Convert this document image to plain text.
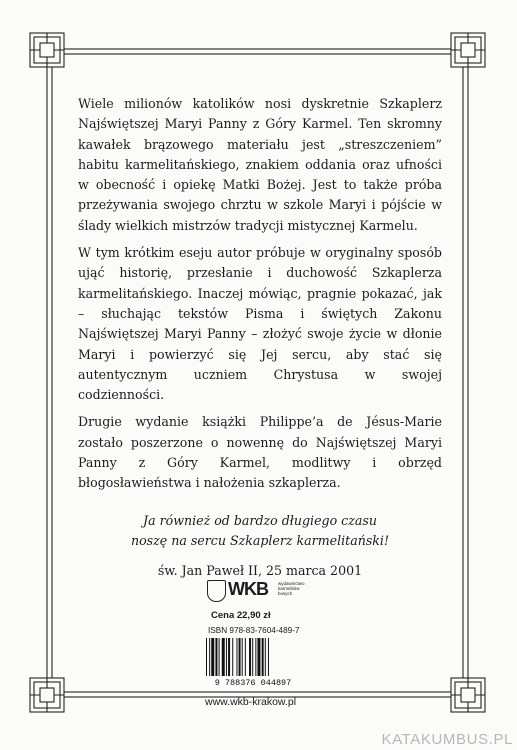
Wiele milionów katolików nosi dyskretnie Szkaplerz Najświętszej Maryi Panny z Góry Karmel. Ten skromny kawałek brązowego materiału jest „streszczeniem” habitu karmelitańskiego, znakiem oddania oraz ufności w obecność i opiekę Matki Bożej. Jest to także próba przeżywania swojego chrztu w szkole Maryi i pójście w ślady wielkich mistrzów tradycji mistycznej Karmelu.

W tym krótkim eseju autor próbuje w oryginalny sposób ująć historię, przesłanie i duchowość Szkaplerza karmelitańskiego. Inaczej mówiąc, pragnie pokazać, jak – słuchając tekstów Pisma i świętych Zakonu Najświętszej Maryi Panny – złożyć swoje życie w dłonie Maryi i powierzyć się Jej sercu, aby stać się autentycznym uczniem Chrystusa w swojej codzienności.

Drugie wydanie książki Philippe’a de Jésus-Marie zostało poszerzone o nowennę do Najświętszej Maryi Panny z Góry Karmel, modlitwy i obrzęd błogosławieństwa i nałożenia szkaplerza.

Ja również od bardzo długiego czasu
noszę na sercu Szkaplerz karmelitański!
św. Jan Paweł II, 25 marca 2001
WKB wydawnictwo karmelitów bosych
Cena 22,90 zł
ISBN 978-83-7604-489-7
9 788376 044897
www.wkb-krakow.pl
KATAKUMBUS.PL
